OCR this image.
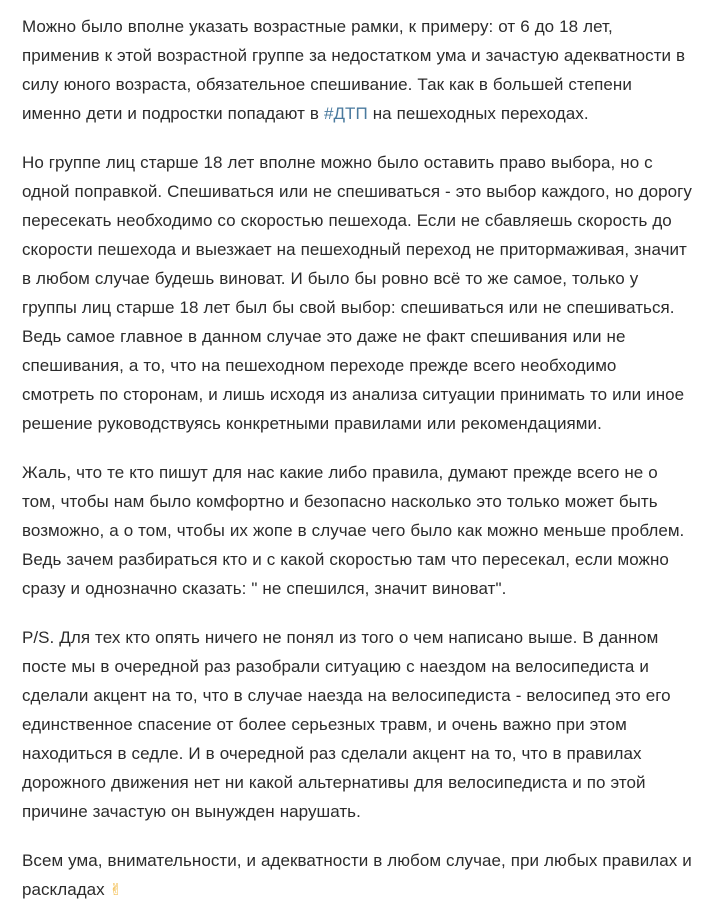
Можно было вполне указать возрастные рамки, к примеру: от 6 до 18 лет, применив к этой возрастной группе за недостатком ума и зачастую адекватности в силу юного возраста, обязательное спешивание. Так как в большей степени именно дети и подростки попадают в #ДТП на пешеходных переходах.

Но группе лиц старше 18 лет вполне можно было оставить право выбора, но с одной поправкой. Спешиваться или не спешиваться - это выбор каждого, но дорогу пересекать необходимо со скоростью пешехода. Если не сбавляешь скорость до скорости пешехода и выезжает на пешеходный переход не притормаживая, значит в любом случае будешь виноват. И было бы ровно всё то же самое, только у группы лиц старше 18 лет был бы свой выбор: спешиваться или не спешиваться. Ведь самое главное в данном случае это даже не факт спешивания или не спешивания, а то, что на пешеходном переходе прежде всего необходимо смотреть по сторонам, и лишь исходя из анализа ситуации принимать то или иное решение руководствуясь конкретными правилами или рекомендациями.

Жаль, что те кто пишут для нас какие либо правила, думают прежде всего не о том, чтобы нам было комфортно и безопасно насколько это только может быть возможно, а о том, чтобы их жопе в случае чего было как можно меньше проблем. Ведь зачем разбираться кто и с какой скоростью там что пересекал, если можно сразу и однозначно сказать: " не спешился, значит виноват".

P/S. Для тех кто опять ничего не понял из того о чем написано выше. В данном посте мы в очередной раз разобрали ситуацию с наездом на велосипедиста и сделали акцент на то, что в случае наезда на велосипедиста - велосипед это его единственное спасение от более серьезных травм, и очень важно при этом находиться в седле. И в очередной раз сделали акцент на то, что в правилах дорожного движения нет ни какой альтернативы для велосипедиста и по этой причине зачастую он вынужден нарушать.

Всем ума, внимательности, и адекватности в любом случае, при любых правилах и раскладах ✌
